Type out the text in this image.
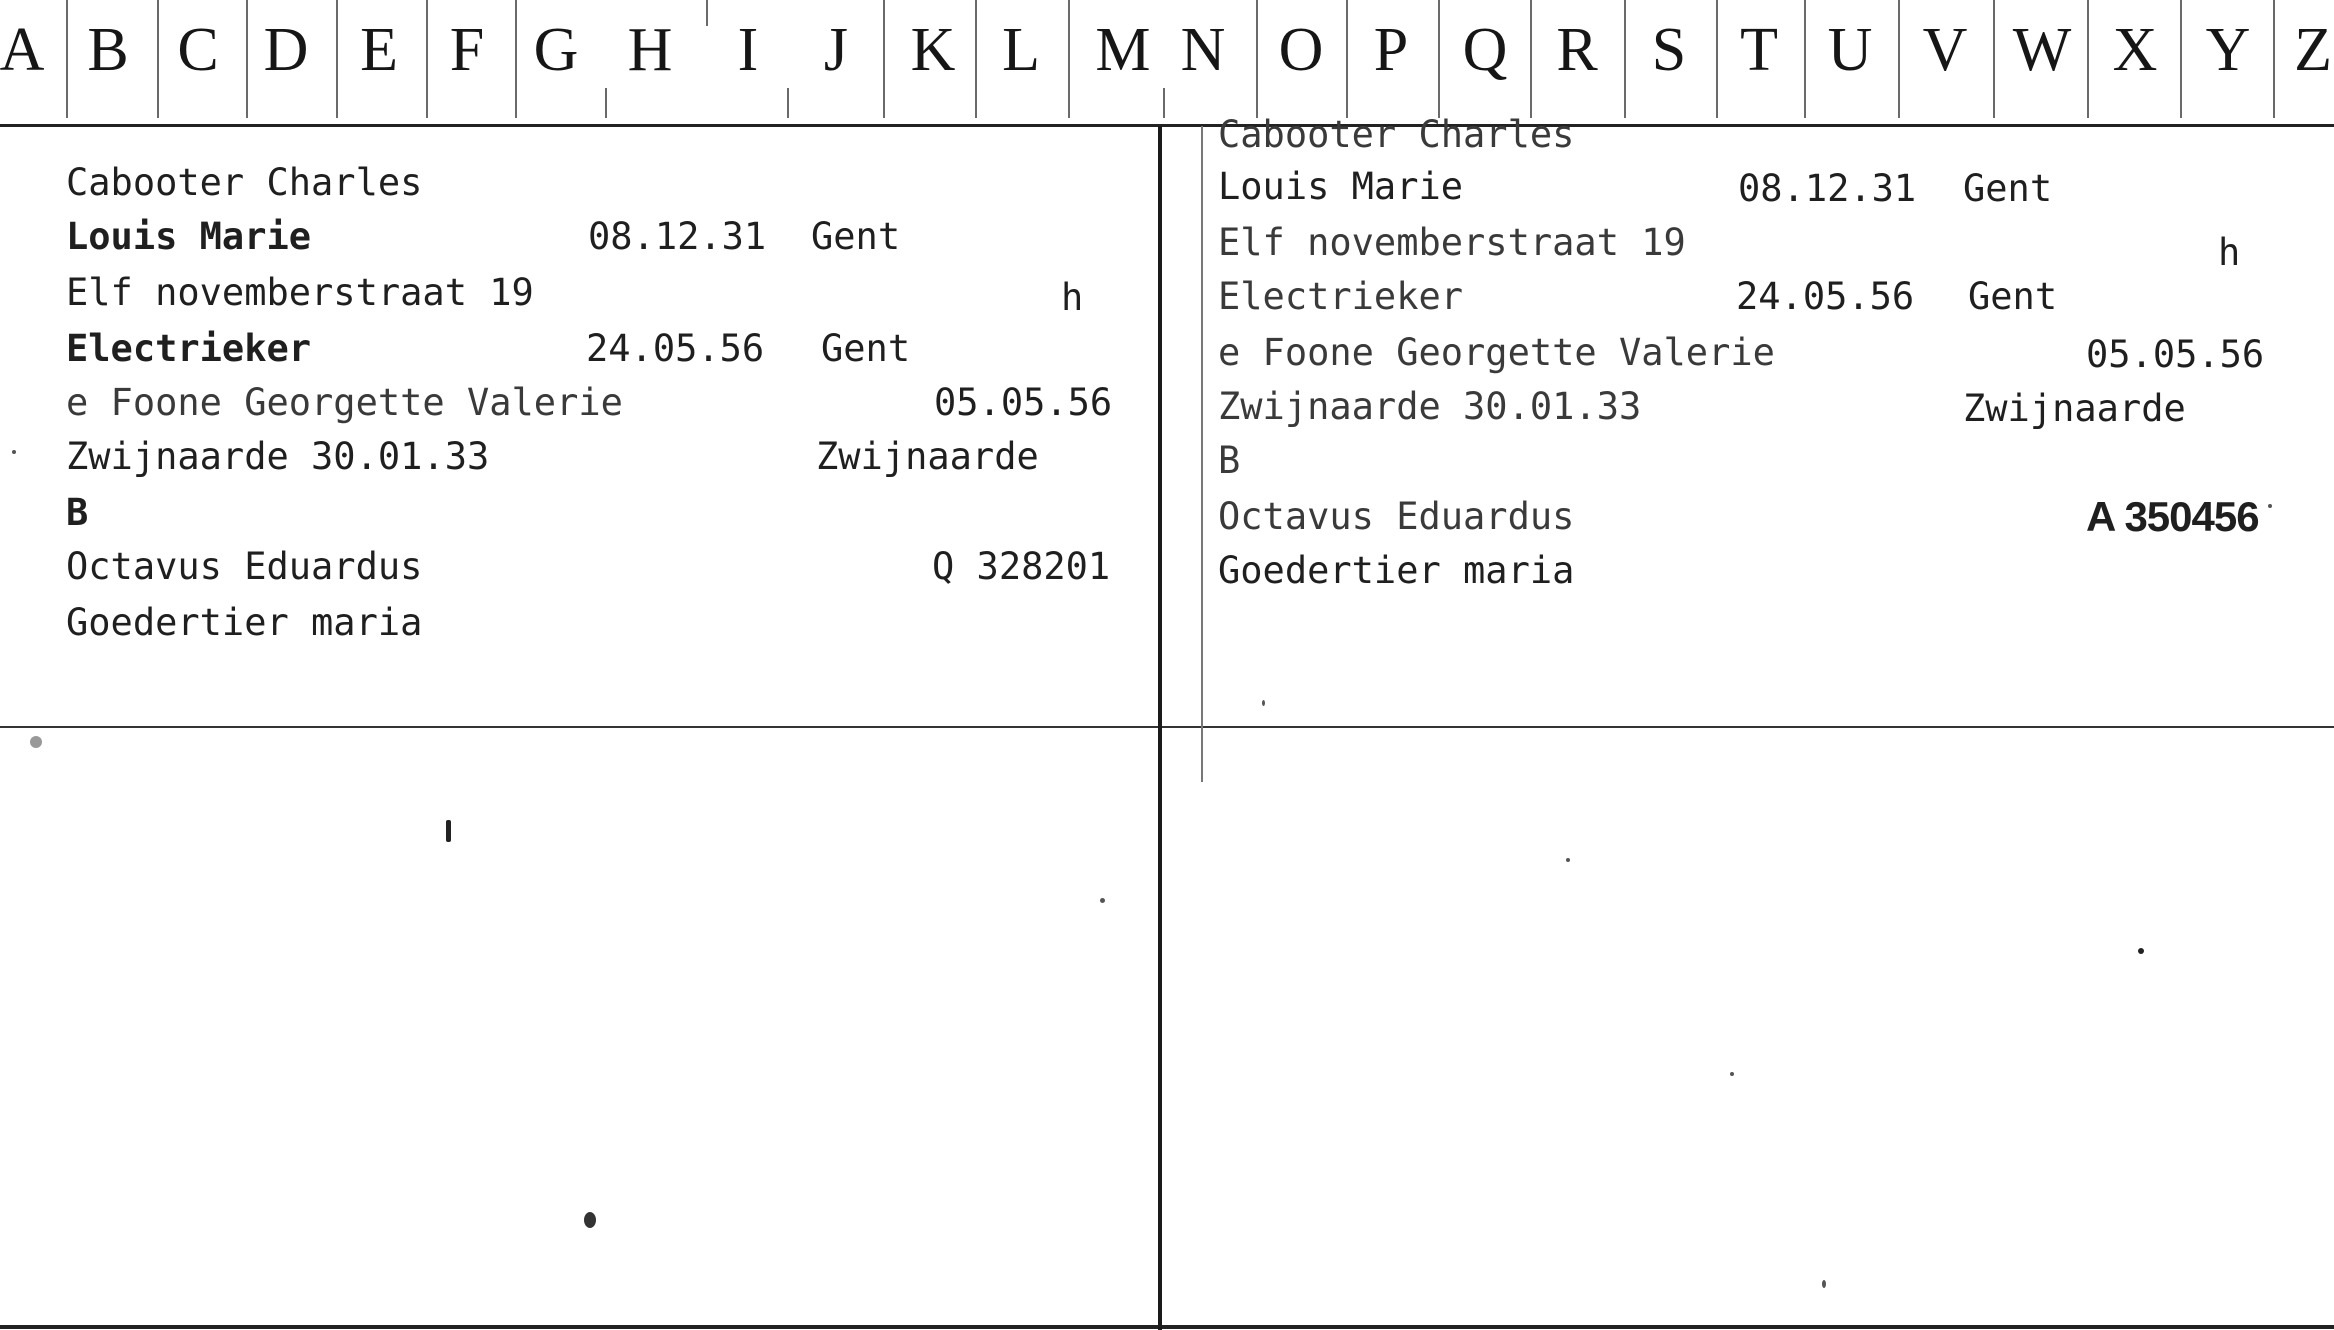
A B C D E F G H	I	J	K L M N O P Q R S T U V W X Y Z
Cabooter Charles
Louis Marie	08.12.31 Gent
Elf novemberstraat 19	h
Electrieker	24.05.56 Gent
e Foone Georgette Valerie	05.05.56
Zwijnaarde 30.01.33	Zwijnaarde
B
Octavus Eduardus	Q 328201
Goedertier maria
Cabooter Charles
Louis Marie	08.12.31 Gent
Elf novemberstraat 19	h
Electrieker	24.05.56 Gent
e Foone Georgette Valerie	05.05.56
Zwijnaarde 30.01.33	Zwijnaarde
B
Octavus Eduardus	A 350456
Goedertier maria
